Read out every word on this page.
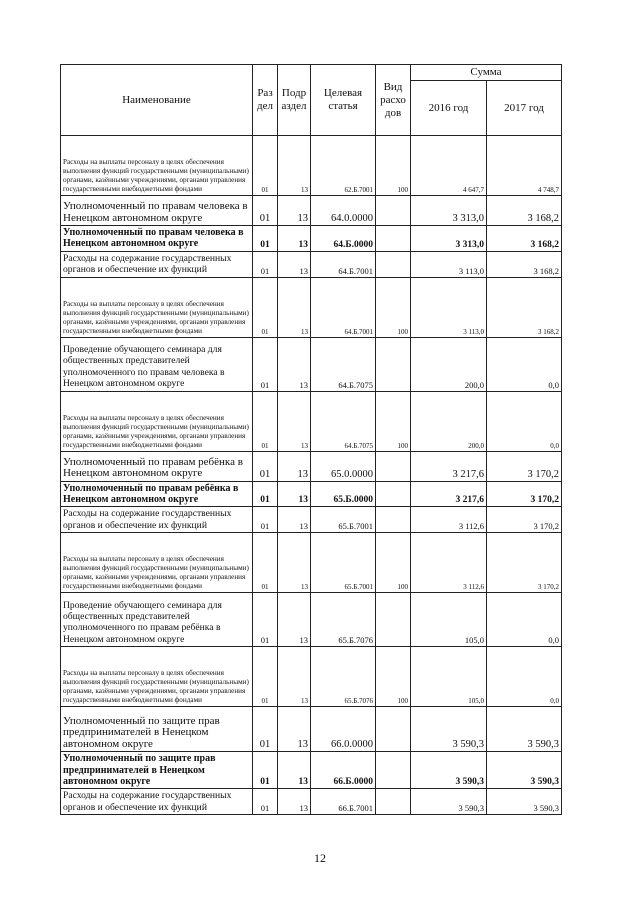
Наименование	Раз дел	Подр аздел	Целевая статья	Вид расхо дов	Сумма	
					2016 год	2017 год
Расходы на выплаты персоналу в целях обеспечения выполнения функций государственными (муниципальными) органами, казёнными учреждениями, органами управления государственными внебюджетными фондами	01	13	62.Б.7001	100	4 647,7	4 748,7
Уполномоченный по правам человека в Ненецком автономном округе	01	13	64.0.0000		3 313,0	3 168,2
Уполномоченный по правам человека в Ненецком автономном округе	01	13	64.Б.0000		3 313,0	3 168,2
Расходы на содержание государственных органов и обеспечение их функций	01	13	64.Б.7001		3 113,0	3 168,2
Расходы на выплаты персоналу в целях обеспечения выполнения функций государственными (муниципальными) органами, казёнными учреждениями, органами управления государственными внебюджетными фондами	01	13	64.Б.7001	100	3 113,0	3 168,2
Проведение обучающего семинара для общественных представителей уполномоченного по правам человека в Ненецком автономном округе	01	13	64.Б.7075		200,0	0,0
Расходы на выплаты персоналу в целях обеспечения выполнения функций государственными (муниципальными) органами, казёнными учреждениями, органами управления государственными внебюджетными фондами	01	13	64.Б.7075	100	200,0	0,0
Уполномоченный по правам ребёнка в Ненецком автономном округе	01	13	65.0.0000		3 217,6	3 170,2
Уполномоченный по правам ребёнка в Ненецком автономном округе	01	13	65.Б.0000		3 217,6	3 170,2
Расходы на содержание государственных органов и обеспечение их функций	01	13	65.Б.7001		3 112,6	3 170,2
Расходы на выплаты персоналу в целях обеспечения выполнения функций государственными (муниципальными) органами, казёнными учреждениями, органами управления государственными внебюджетными фондами	01	13	65.Б.7001	100	3 112,6	3 170,2
Проведение обучающего семинара для общественных представителей уполномоченного по правам ребёнка в Ненецком автономном округе	01	13	65.Б.7076		105,0	0,0
Расходы на выплаты персоналу в целях обеспечения выполнения функций государственными (муниципальными) органами, казёнными учреждениями, органами управления государственными внебюджетными фондами	01	13	65.Б.7076	100	105,0	0,0
Уполномоченный по защите прав предпринимателей в Ненецком автономном округе	01	13	66.0.0000		3 590,3	3 590,3
Уполномоченный по защите прав предпринимателей в Ненецком автономном округе	01	13	66.Б.0000		3 590,3	3 590,3
Расходы на содержание государственных органов и обеспечение их функций	01	13	66.Б.7001		3 590,3	3 590,3
12
